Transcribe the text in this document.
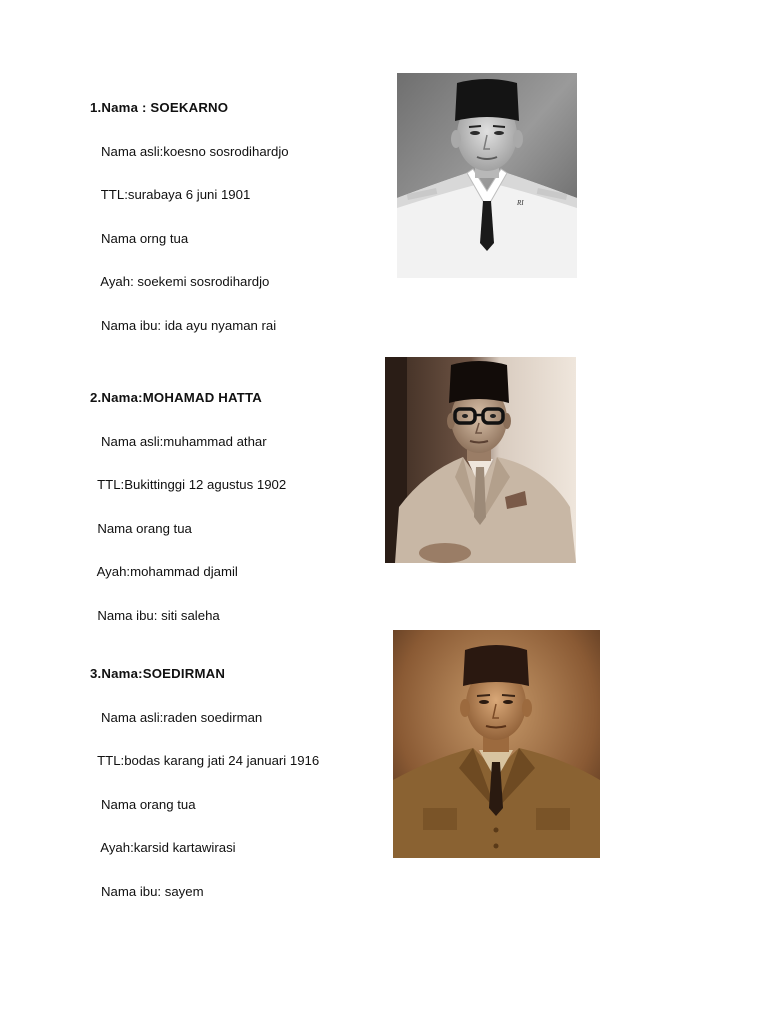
1.Nama : SOEKARNO

Nama asli:koesno sosrodihardjo

TTL:surabaya 6 juni 1901

Nama orng tua

Ayah: soekemi sosrodihardjo

Nama ibu: ida ayu nyaman rai

RI

2.Nama:MOHAMAD HATTA

Nama asli:muhammad athar

TTL:Bukittinggi 12 agustus 1902

Nama orang tua

Ayah:mohammad djamil

Nama ibu: siti saleha

3.Nama:SOEDIRMAN

Nama asli:raden soedirman

TTL:bodas karang jati 24 januari 1916

Nama orang tua

Ayah:karsid kartawirasi

Nama ibu: sayem
